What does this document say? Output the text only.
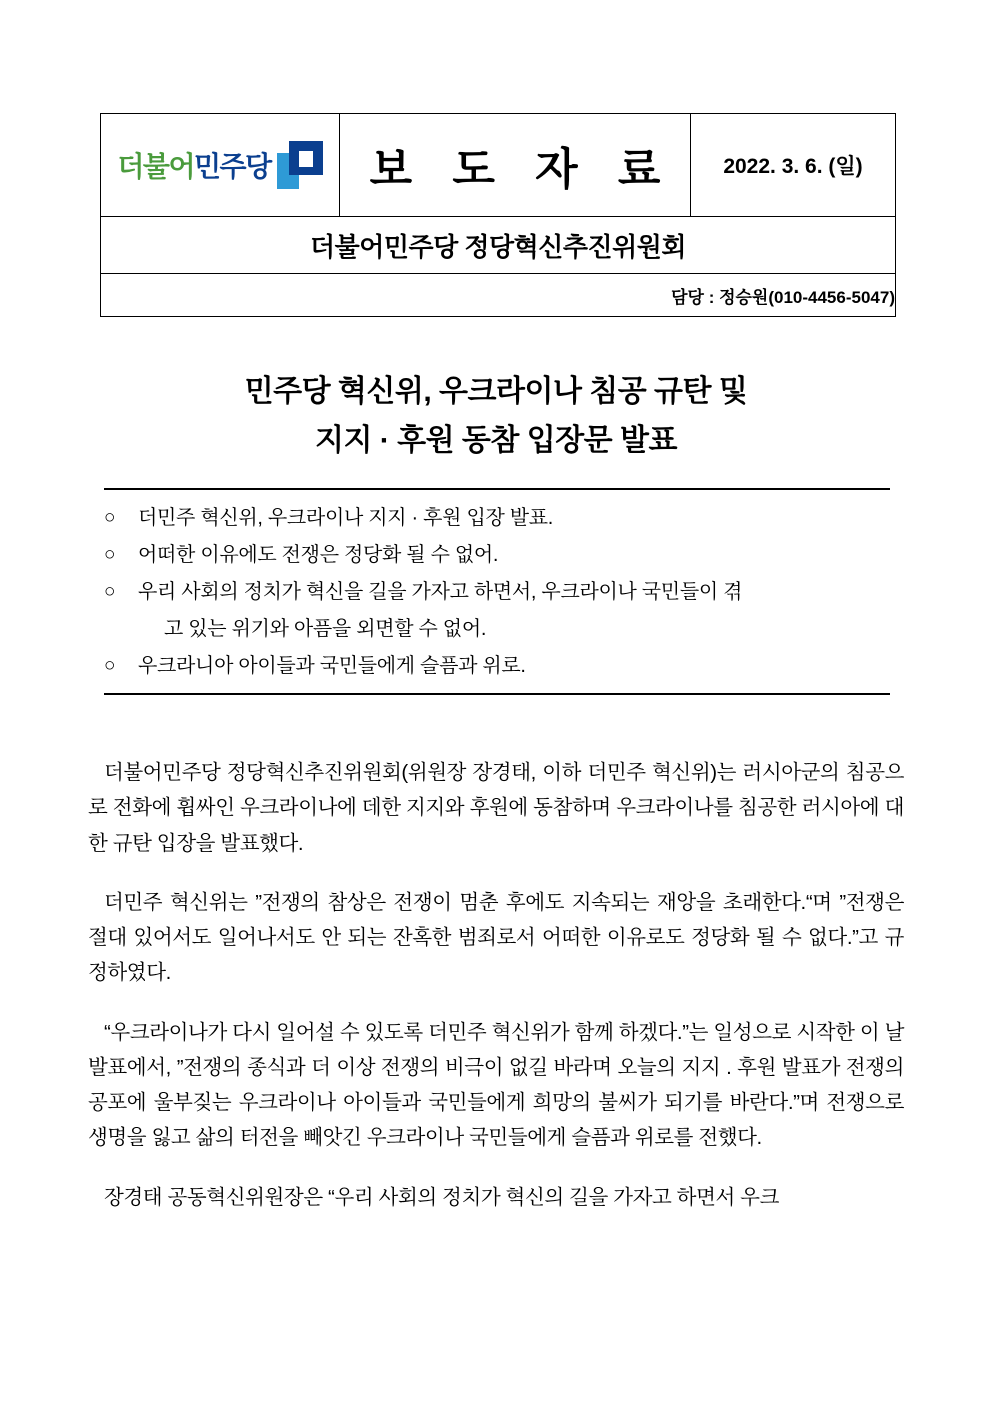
더불어민주당	보 도 자 료	2022. 3. 6. (일)

더불어민주당 정당혁신추진위원회

담당 : 정승원(010-4456-5047)
민주당 혁신위, 우크라이나 침공 규탄 및
지지 · 후원 동참 입장문 발표
○	더민주 혁신위, 우크라이나 지지 · 후원 입장 발표.
○	어떠한 이유에도 전쟁은 정당화 될 수 없어.
○	우리 사회의 정치가 혁신을 길을 가자고 하면서, 우크라이나 국민들이 겪
고 있는 위기와 아픔을 외면할 수 없어.
○	우크라니아 아이들과 국민들에게 슬픔과 위로.

더불어민주당 정당혁신추진위원회(위원장 장경태, 이하 더민주 혁신위)는 러시아군의 침공으로 전화에 휩싸인 우크라이나에 데한 지지와 후원에 동참하며 우크라이나를 침공한 러시아에 대한 규탄 입장을 발표했다.

더민주 혁신위는 ”전쟁의 참상은 전쟁이 멈춘 후에도 지속되는 재앙을 초래한다.“며 ”전쟁은 절대 있어서도 일어나서도 안 되는 잔혹한 범죄로서 어떠한 이유로도 정당화 될 수 없다.”고 규정하였다.

“우크라이나가 다시 일어설 수 있도록 더민주 혁신위가 함께 하겠다.”는 일성으로 시작한 이 날 발표에서, ”전쟁의 종식과 더 이상 전쟁의 비극이 없길 바라며 오늘의 지지 . 후원 발표가 전쟁의 공포에 울부짖는 우크라이나 아이들과 국민들에게 희망의 불씨가 되기를 바란다.”며 전쟁으로 생명을 잃고 삶의 터전을 빼앗긴 우크라이나 국민들에게 슬픔과 위로를 전했다.

장경태 공동혁신위원장은 “우리 사회의 정치가 혁신의 길을 가자고 하면서 우크
